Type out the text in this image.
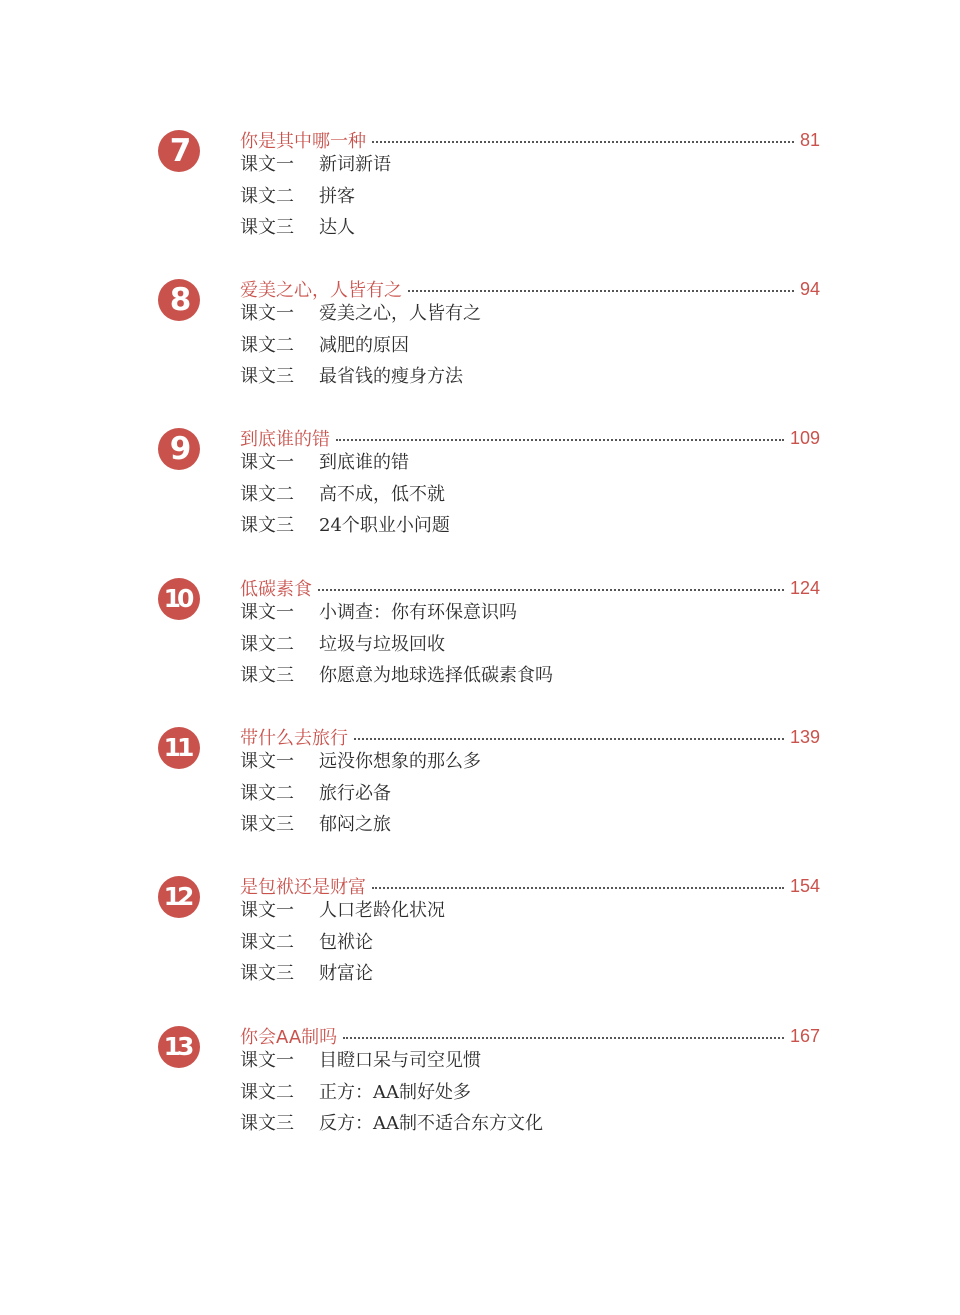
7	你是其中哪一种	81
课文一 新词新语
课文二 拼客
课文三 达人
8	爱美之心，人皆有之	94
课文一 爱美之心，人皆有之
课文二 减肥的原因
课文三 最省钱的瘦身方法
9	到底谁的错	109
课文一 到底谁的错
课文二 高不成，低不就
课文三 24个职业小问题
10	低碳素食	124
课文一 小调查：你有环保意识吗
课文二 垃圾与垃圾回收
课文三 你愿意为地球选择低碳素食吗
11	带什么去旅行	139
课文一 远没你想象的那么多
课文二 旅行必备
课文三 郁闷之旅
12	是包袱还是财富	154
课文一 人口老龄化状况
课文二 包袱论
课文三 财富论
13	你会AA制吗	167
课文一 目瞪口呆与司空见惯
课文二 正方：AA制好处多
课文三 反方：AA制不适合东方文化
